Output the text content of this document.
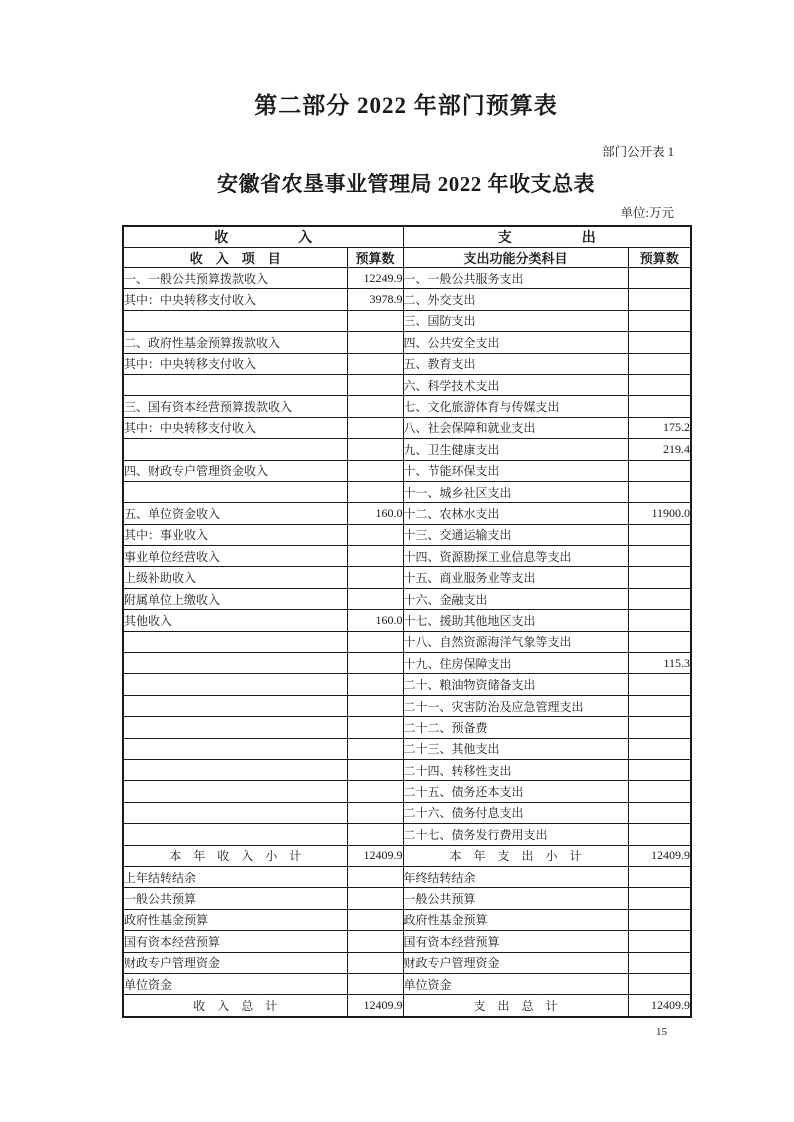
第二部分 2022 年部门预算表
部门公开表 1
安徽省农垦事业管理局 2022 年收支总表
单位:万元
收　　　　　入		支　　　　　出	
收　入　项　目	预算数	支出功能分类科目	预算数
一、一般公共预算拨款收入	12249.9	一、一般公共服务支出	
其中：中央转移支付收入	3978.9	二、外交支出	
		三、国防支出	
二、政府性基金预算拨款收入		四、公共安全支出	
其中：中央转移支付收入		五、教育支出	
		六、科学技术支出	
三、国有资本经营预算拨款收入		七、文化旅游体育与传媒支出	
其中：中央转移支付收入		八、社会保障和就业支出	175.2
		九、卫生健康支出	219.4
四、财政专户管理资金收入		十、节能环保支出	
		十一、城乡社区支出	
五、单位资金收入	160.0	十二、农林水支出	11900.0
其中：事业收入		十三、交通运输支出	
事业单位经营收入		十四、资源勘探工业信息等支出	
上级补助收入		十五、商业服务业等支出	
附属单位上缴收入		十六、金融支出	
其他收入	160.0	十七、援助其他地区支出	
		十八、自然资源海洋气象等支出	
		十九、住房保障支出	115.3
		二十、粮油物资储备支出	
		二十一、灾害防治及应急管理支出	
		二十二、预备费	
		二十三、其他支出	
		二十四、转移性支出	
		二十五、债务还本支出	
		二十六、债务付息支出	
		二十七、债务发行费用支出	
本　年　收　入　小　计	12409.9	本　年　支　出　小　计	12409.9
上年结转结余		年终结转结余	
一般公共预算		一般公共预算	
政府性基金预算		政府性基金预算	
国有资本经营预算		国有资本经营预算	
财政专户管理资金		财政专户管理资金	
单位资金		单位资金	
收　入　总　计	12409.9	支　出　总　计	12409.9
15
